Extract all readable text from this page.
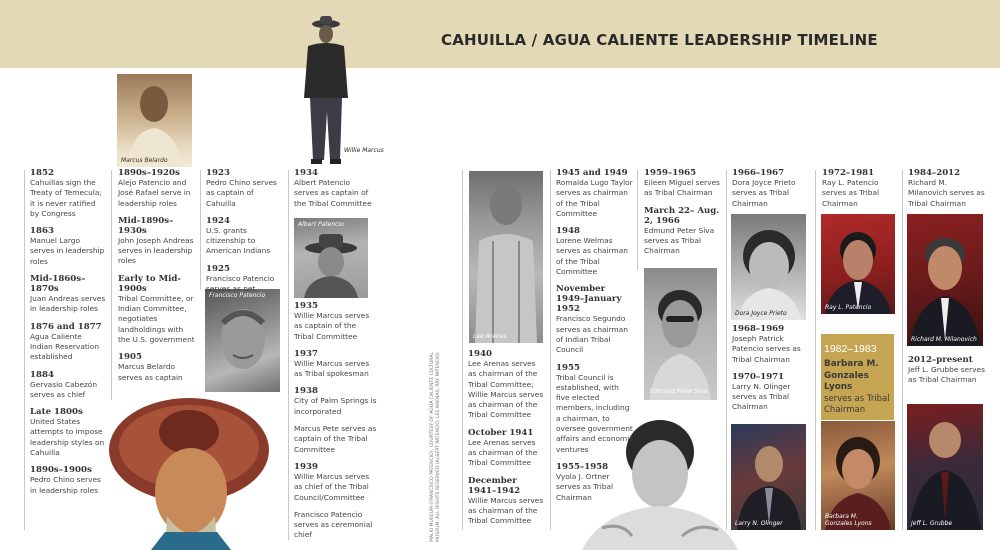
CAHUILLA / AGUA CALIENTE LEADERSHIP TIMELINE
Marcus Belardo
Willie Marcus
Francisco Patencio
Albert Patencio
Lee Arenas
MALKI MUSEUM (FRANCISCO PATENCIO); COURTESY OF AGUA CALIENTE CULTURAL MUSEUM. ALL RIGHTS RESERVED (ALBERT PATENCIO, LEE ARENAS, RAY PATENCIO)	Edmund Peter Siva
Dora Joyce Prieto
Larry N. Olinger
Ray L. Patencio
1982–1983
Barbara M. Gonzales Lyons
serves as Tribal Chairman
Barbara M. Gonzales Lyons
Richard M. Milanovich
Jeff L. Grubbe
1852
Cahuillas sign the Treaty of Temecula; it is never ratified by Congress
1863
Manuel Largo serves in leadership roles
Mid-1860s–1870s
Juan Andreas serves in leadership roles
1876 and 1877
Agua Caliente Indian Reservation established
1884
Gervasio Cabezón serves as chief
Late 1800s
United States attempts to impose leadership styles on Cahuilla
1890s–1900s
Pedro Chino serves in leadership roles
1890s–1920s
Alejo Patencio and José Rafael serve in leadership roles
Mid-1890s–1930s
John Joseph Andreas serves in leadership roles
Early to Mid-1900s
Tribal Committee, or Indian Committee, negotiates landholdings with the U.S. government
1905
Marcus Belardo serves as captain
1923
Pedro Chino serves as captain of Cahuilla
1924
U.S. grants citizenship to American Indians
1925
Francisco Patencio serves as net
1934
Albert Patencio serves as captain of the Tribal Committee
1935
Willie Marcus serves as captain of the Tribal Committee
1937
Willie Marcus serves as Tribal spokesman
1938
City of Palm Springs is incorporated
Marcus Pete serves as captain of the Tribal Committee
1939
Willie Marcus serves as chief of the Tribal Council/Committee
Francisco Patencio serves as ceremonial chief
1940
Lee Arenas serves as chairman of the Tribal Committee; Willie Marcus serves as chairman of the Tribal Committee
October 1941
Lee Arenas serves as chairman of the Tribal Committee
December 1941–1942
Willie Marcus serves as chairman of the Tribal Committee
1945 and 1949
Romalda Lugo Taylor serves as chairman of the Tribal Committee
1948
Lorene Welmas serves as chairman of the Tribal Committee
November 1949–January 1952
Francisco Segundo serves as chairman of Indian Tribal Council
1955
Tribal Council is established, with five elected members, including a chairman, to oversee government affairs and economic ventures
1955–1958
Vyola J. Ortner serves as Tribal Chairman
1959–1965
Eileen Miguel serves as Tribal Chairman
March 22– Aug. 2, 1966
Edmund Peter Siva serves as Tribal Chairman
1966–1967
Dora Joyce Prieto serves as Tribal Chairman
1968–1969
Joseph Patrick Patencio serves as Tribal Chairman
1970–1971
Larry N. Olinger serves as Tribal Chairman
1972–1981
Ray L. Patencio serves as Tribal Chairman
1984–2012
Richard M. Milanovich serves as Tribal Chairman
2012–present
Jeff L. Grubbe serves as Tribal Chairman
